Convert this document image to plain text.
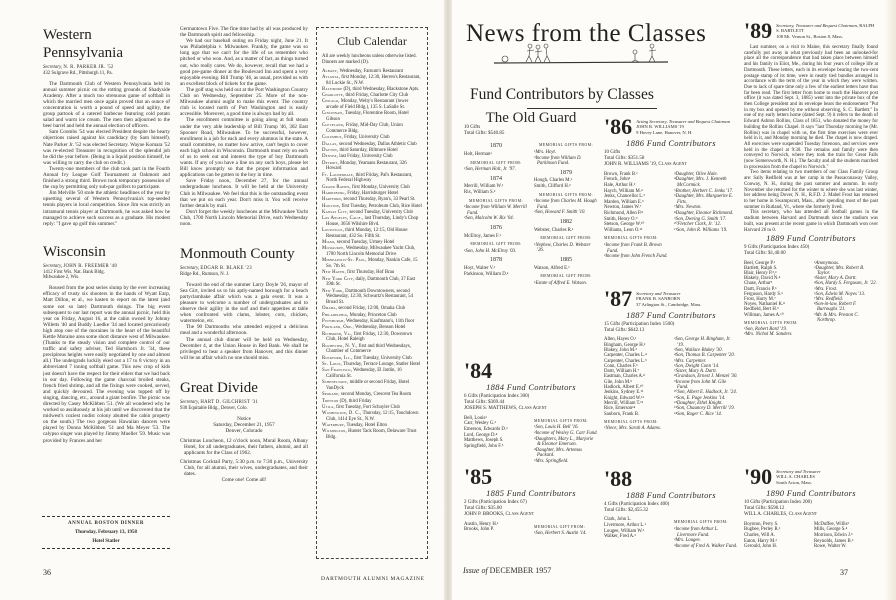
Western Pennsylvania
Secretary, N. R. PARKER JR. '52
432 Sulgrave Rd., Pittsburgh 11, Pa.

The Dartmouth Club of Western Pennsylvania held its annual summer picnic on the rotting grounds of Shadyside Academy. After a much too strenuous game of softball in which the married men once again proved that an ounce of concentration is worth a pound of speed and agility, the group partook of a catered barbecue featuring cold potato salad and warm ice cream. The men then adjourned to the beer barrel and held the annual election of officers.

Sam Coombs '54 was elected President despite the hearty objections raised against his candidacy (by Sam himself). Nate Parker Jr. '52 was elected Secretary. Wayne Komara '52 was re-elected Treasurer in recognition of the splendid job he did the year before. (Being in a liquid position himself, he was willing to carry the club on credit.)

Twenty-one members of the club took part in the Fourth Annual Ivy League Golf Tournament at Oakmont and finished a strong third. Brown took temporary possession of the cup by permitting only sub-par golfers to participate.

Jim Melville '50 stole the athletic headlines of the year by upsetting several of Western Pennsylvania's top-seeded tennis players in local competition. Since Jim was strictly an intramural tennis player at Dartmouth, he was asked how he managed to achieve such success as a graduate. His modest reply: "I gave up golf this summer."

Wisconsin
Secretary, JOHN R. FREEMER '48
1412 First Wis. Nat. Bank Bldg.
Milwaukee 2, Wis.

Roused from the post series slump by the ever increasing efficacy of trusty six shooters in the hands of Wyatt Earp, Matt Dillon, et al., we hasten to report on the latest (and some not so late) Dartmouth doings. The big event subsequent to our last report was the annual picnic, held this year on Friday, August 16, at the cabin owned by Johnny Willetts '40 and Buddy Luedke '34 and located precariously high atop one of the moraines in the heart of the beautiful Kettle Moraine area some short distance west of Milwaukee. (Thanks to the steady vision and complete control of our traffic and safety adviser, Ted Hartshorn Jr. '34, these precipitous heights were easily negotiated by one and almost all.) The undergrads luckily eked out a 17 to 8 victory in an abbreviated 7 inning softball game. This new crop of kids just doesn't have the respect for their elders that we had back in our day. Following the game charcoal broiled steaks, french fried shrimp, and all the fixings were cooked, served, and quickly devoured. The evening was topped off by singing, dancing, etc., around a giant bonfire. The picnic was directed by Casey McKibben '51. (We all wondered why he worked so assiduously at his job until we discovered that the midwest's coziest nudist colony abutted the cabin property on the south.) The two gorgeous Hawaiian dancers were played by Donna McKibben '51 and Ma Meyer '53. The calypso singer was played by Jimmy Mueller '59. Music was provided by Frances and her

ANNUAL BOSTON DINNER
Thursday, February 13, 1958
Hotel Statler
36

Germantown Five. The fine time had by all was produced by the Dartmouth spirit and fellowship.

We had our baseball outing on Friday night, June 21. It was Philadelphia v. Milwaukee. Frankly, the game was so long ago that we can't for the life of us remember who pitched or who won. And, as a matter of fact, as things turned out, who really cares. We do, however, recall that we had a good pre-game dinner at the Boulevard Inn and spent a very enjoyable evening. Bill Trump '46, as usual, provided us with an excellent block of tickets for the game.

The golf stag was held out at the Port Washington Country Club on Wednesday, September 25. More of the non-Milwaukee alumni ought to make this event. The country club is located north of Port Washington and is easily accessible. Moreover, a good time is always had by all.

The enrollment committee is going along at full steam under the very able leadership of Bill Trump '46, 302 East Spooner Road, Milwaukee. To be successful, however, enrollment is a job for each and every alumnus in the state. A small committee, no matter how active, can't begin to cover each high school in Wisconsin. Dartmouth must rely on each of us to seek out and interest the type of boy Dartmouth wants. If any of you have a line on any such boys, please let Bill know promptly so that the proper information and applications can be gotten to the boy in time.

Save Friday noon, December 27, for the annual undergraduate luncheon. It will be held at the University Club in Milwaukee. We feel that this is the outstanding event that we put on each year. Don't miss it. You will receive further details by mail.

Don't forget the weekly luncheons at the Milwaukee Yacht Club, 1700 North Lincoln Memorial Drive, each Wednesday noon.

Monmouth County
Secretary, EDGAR B. BLAKE '23
Ridge Rd., Rumson, N. J.

Toward the end of the summer Larry Doyle '26, mayor of Sea Girt, invited us to his aptly-named borough for a beach partyclambake affair which was a gala event. It was a pleasure to welcome a number of undergraduates and to observe their agility in the surf and their appetites at table when confronted with clams, lobster, corn, chicken, watermelon, etc.

The 90 Dartmouths who attended enjoyed a delicious meal and a wonderful afternoon.

The annual club dinner will be held on Wednesday, December 4, at the Union House in Red Bank. We shall be privileged to hear a speaker from Hanover, and this dinner will be an affair which no one should miss.

Great Divide
Secretary, HART D. GILCHRIST '31
930 Equitable Bldg., Denver, Colo.
Notice
Saturday, December 21, 1957
Denver, Colorado

Christmas Luncheon, 12 o'clock noon, Mural Room, Albany Hotel, for all undergraduates, their fathers, alumni, and all applicants for the Class of 1962.

Christmas Cocktail Party, 5:30 p.m. to 7:30 p.m., University Club, for all alumni, their wives, undergraduates, and their dates.

Come one! Come all!
Club Calendar
All are weekly luncheons unless otherwise listed. Dinners are marked (D).
Albany, Wednesday, Farnum's Restaurant
Atlanta, first Monday, 12:30, Herren's Restaurant, 84 Luckie St., N.W.
Baltimore (D), third Wednesday, Blackstone Apts.
Charlotte, third Friday, Charlotte City Club
Chicago, Monday, Welty's Restaurant (lower arcade of Field Bldg.), 135 S. LaSalle St.
Cincinnati, Tuesday, Florentine Room, Hotel Gibson
Cleveland, Friday, Mid-Day Club, Union Commerce Bldg.
Columbus, Friday, University Club
Dallas, second Wednesday, Dallas Athletic Club
Dayton, third Saturday, Biltmore Hotel
Denver, last Friday, University Club
Detroit, Monday, Yeamans Restaurant, 326 Howard
Ft. Lauderdale, third Friday, Pal's Restaurant, North Federal Highway
Grand Rapids, first Monday, University Club
Harrisburg, Friday, Harrisburger Hotel
Hartford, second Thursday, Ryan's, 33 Pearl St.
Houston, first Tuesday, Petroleum Club, Rice Hotel
Kansas City, second Tuesday, University Club
Los Angeles, Calif., last Thursday, Lindy's Chop House, 3656 Wilshire Blvd.
Louisville, third Monday, 12:15, Old House Restaurant, 432 So. Fifth St.
Miami, second Tuesday, Urmey Hotel
Milwaukee, Wednesday, Milwaukee Yacht Club, 1700 North Lincoln Memorial Drive
Minneapolis-St. Paul, Monday, Nankin Cafe, 15 So. 7th St.
New Haven, first Thursday, Hof Brau
New York City, daily, Dartmouth Club, 37 East 39th St.
New York, Dartmouth Downtowners, second Wednesday, 12:30, Schwartz's Restaurant, 54 Broad St.
Omaha, second Friday, 12:00, Omaha Club
Philadelphia, Monday, Princeton Club
Pittsburgh, Wednesday, Kaufmann's, 11th floor
Portland, Ore., Wednesday, Benson Hotel
Richmond, Va., first Friday, 12:30, Downtown Club, Hotel Raleigh
Rochester, N. Y., first and third Wednesdays, Chamber of Commerce
Rockford, Ill., first Tuesday, University Club
St. Louis, Thursday, Terrace Lounge, Statler Hotel
San Francisco, Wednesday, El Jardin, 16 California St.
Schenectady, middle or second Friday, Hotel VanDyck
Spokane, second Monday, Crescent Tea Room
Trenton (D), third Friday
Utica, first Tuesday, Fort Schuyler Club
Washington, D. C., Thursday, 12:15, Touchdown Club, 1414 Eye St., N.W.
Waterbury, Tuesday, Hotel Elton
Wilmington, Hunter Tack Room, Delaware Trust Bldg.
DARTMOUTH ALUMNI MAGAZINE
News from the Classes
Fund Contributors by Classes
The Old Guard
10 Gifts
Total Gifts: $540.85
1870
Holt, Herman¹
MEMORIAL GIFT FROM:
¹Son, Herman Holt, Jr. '97.
1874
Merrill, William W.¹
Rix, William S.²
MEMORIAL GIFTS FROM:
¹Income from William W. Merrill Fund.
²Son, Malcolm W. Rix '04.
1876
McElroy, James F.¹
MEMORIAL GIFT FROM:
¹Son, John H. McElroy '03.
1878
Hoyt, Walter V.¹
Parkinson, William D.²
MEMORIAL GIFTS FROM:
¹Mrs. Hoyt.
²Income from William D. Parkinson Fund.
1879
Hough, Charles M.¹
Smith, Clifford H.²
MEMORIAL GIFTS FROM:
¹Income from Charles M. Hough Fund.
²Son, Howard F. Smith '10.
1882
Webster, Charles R.¹
MEMORIAL GIFT FROM:
¹Nephew, Charles D. Webster '26.
1885
Watson, Alfred E.¹
MEMORIAL GIFT FROM:
¹Estate of Alfred E. Watson.
'84
1884 Fund Contributors
6 Gifts (Participation Index 300)
Total Gifts: $369.44
JOSEPH S. MATTHEWS, Class Agent
Bell, Louis¹
Carr, Wesley G.²
Emerson, Edwards D.³
Lord, George D.⁴
Matthews, Joseph S.
Springfield, John F.⁵
MEMORIAL GIFTS FROM:
¹Son, Louis H. Bell '16.
²Income of Wesley G. Carr Fund.
³Daughters, Mary L., Marjorie & Eleanor Emerson.
⁴Daughter, Mrs. Artemas Packard.
⁵Mrs. Springfield.
'85
1885 Fund Contributors
2 Gifts (Participation Index 67)
Total Gifts: $35.00
JOHN P. BROOKS, Class Agent
Austin, Henry H.¹
Brooks, John P.
MEMORIAL GIFT FROM:
¹Son, Herbert S. Austin '14.
Issue of DECEMBER 1957
'86 Acting Secretary, Treasurer and Bequest Chairman
JOHN R. WILLIAMS '19
9 Hovey Lane, Hanover, N. H.
1886 Fund Contributors
10 Gifts
Total Gifts: $351.58
JOHN R. WILLIAMS '19, Class Agent
Brown, Frank B.¹
French, John²
Hale, Arthur H.³
Haych, William M.⁴
Jenks, Chancellor L.⁵
Marden, William E.⁶
Newton, James W.⁷
Richmond, Allen P.⁸
Smith, Henry O.⁹
Stetson, George W.¹⁰
Williams, Leon O.¹¹
MEMORIAL GIFTS FROM:
¹Income from Frank B. Brown Fund.
²Income from John French Fund.
³Daughter, Olive Hale.
⁴Daughter, Mrs. J. Kenneth McCormick.
⁵Brother, Herbert C. Jenks '17.
⁶Daughter, Mrs. Marguerite E. Fitts.
⁷Mrs. Newton.
⁸Daughter, Eleanor Richmond.
⁹Son, Dwving G. Smith '17.
¹⁰Fletcher Clark, Jr. '12.
¹¹Son, John R. Williams '19.
'87 Secretary and Treasurer
FRANK B. SANBORN
37 Arlington St., Cambridge, Mass.
1887 Fund Contributors
15 Gifts (Participation Index 1500)
Total Gifts: $642.13
Allen, Hayes O.¹
Bingham, George H.²
Blakey, John M.³
Carpenter, Charles L.⁴
Carpenter, Charles L.⁵
Conn, Charles F.⁶
Dartt, William H.⁷
Eastman, Charles A.⁸
Gile, John M.⁹
Hadlock, Albert E.¹⁰
Jenkins, Sydney E.¹¹
Knight, Edward W.¹²
Merrill, William T.¹³
Rice, Emerson¹⁴
Sanborn, Frank B.
MEMORIAL GIFTS FROM:
¹Niece, Mrs. Sarah A. Adams.
²Son, George H. Bingham, Jr. '19.
³Son, Wallace Blakey '30.
⁴Son, Thomas B. Carpenter '20.
⁵Mrs. Carpenter.
⁶Son, Dwight Conn '14.
⁷Sister, Mary A. Dartt.
⁸Grandson, Ernest J. Menzel '30.
⁹Income from John M. Gile Fund.
¹⁰Son, Albert E. Hadlock, Jr. '24.
¹¹Son, E. Page Jenkins '14.
¹²Daughter, Ethel Knight.
¹³Son, Chauncey D. Merrill '19.
¹⁴Son, Roger C. Rice '14.
'88
1888 Fund Contributors
4 Gifts (Participation Index 400)
Total Gifts: $2,455.32
Clark, John L.
Livermore, Arthur L.¹
Lougee, William W.²
Walker, Fred A.³
MEMORIAL GIFTS FROM:
¹Income from Arthur L. Livermore Fund.
²Mrs. Lougee.
³Income of Fred A. Walker Fund.
'89 Secretary, Treasurer and Bequest Chairman, RALPH S. BARTLETT
108 Mt. Vernon St., Boston 8, Mass.

Last summer, on a visit to Maine, this secretary finally found carefully put away in what previously had been an unlooked-for place all the correspondence that had taken place between himself and his family in Eliot, Me., during his four years of college life at Dartmouth. These letters, each in its envelope bearing the two-cent postage stamp of its time, were in neatly tied bundles arranged in accordance with the term of the year in which they were written. Due to lack of spare time only a few of the earliest letters have thus far been read. The first letter from home to reach the Hanover post office (it was dated Sept. 3, 1885) went into the private box of the then College president and its envelope bears the endorsement "Put in my box and opened by me without observing, S. C. Bartlett." In one of my early letters home (dated Sept. 9) it refers to the death of Edward Ashton Rollins, Class of 1851, who donated the money for building the Rollins Chapel. It says "last Thursday morning he (Mr. Rollins) was in chapel with us, the first time exercises were ever held in it, and Monday morning he died. The chapel is now draped. All exercises were suspended Tuesday forenoon, and services were held in the chapel at 9:30. The remains and family were then conveyed to Norwich, where they took the train for Great Falls (now Somersworth, N. H.). The faculty and all the students marched in procession from the chapel to Norwich."

Two items relating to two members of our Class Family Group are: Sally Redfield was at her camp in the Passaconaway Valley, Conway, N. H., during the past summer and autumn. In early November she returned for the winter to where she was last winter, her address being Dover, N. H., R.F.D. 2. Mabel Frost has returned to her home in Swampscott, Mass., after spending most of the past summer in Rutland, Vt., where she formerly lived.

This secretary, who has attended all football games in the stadium between Harvard and Dartmouth since the stadium was built, was present at the recent game in which Dartmouth won over Harvard 26 to 0.

1889 Fund Contributors
9 Gifts (Participation Index 450)
Total Gifts: $1,40.00
Beel, George P.¹
Bartlett, Ralph S.
Blair, Henry P.²,³
Blakely, David N.⁴
Chase, Arthur⁵
Dartt, Francis P.⁶
Ferguson, Hardy S.⁶
Frost, Harry M.⁷
Noyes, Nathaniel K.⁸
Redfield, Bert H.⁹
Willman, James A.¹⁰
MEMORIAL GIFTS FROM:
¹Son, Robert Bard '19.
²Mrs. Nichol M. Sanders.
¹Anonymous.
²Daughter, Mrs. Robert B. Taylor.
³Sister, Mary A. Dartt.
⁴Son, Hardy S. Ferguson, Jr. '22.
⁵Mrs. Frost.
⁶Son, Edwin M. Noyes '13.
⁷Mrs. Redfield.
⁸Son-in-law, Robert F. Burroughs '21.
⁹Mr. & Mrs. Preston C. Northrop.
'90 Secretary and Treasurer
WILL A. CHARLES
South Acton, Mass.
1890 Fund Contributors
10 Gifts (Participation Index 200)
Total Gifts: $598.12
WILL A. CHARLES, Class Agent
Boynton, Perry S.
Bugbee, Perley R.¹
Charles, Will A.
Eaton, Harry M.²
Gerould, John H.
McDuffee, Willis³
Mills, George S.⁴
Morrison, Edwin J.⁵
Reynolds, James B.⁶
Rowe, Walter W.
37
